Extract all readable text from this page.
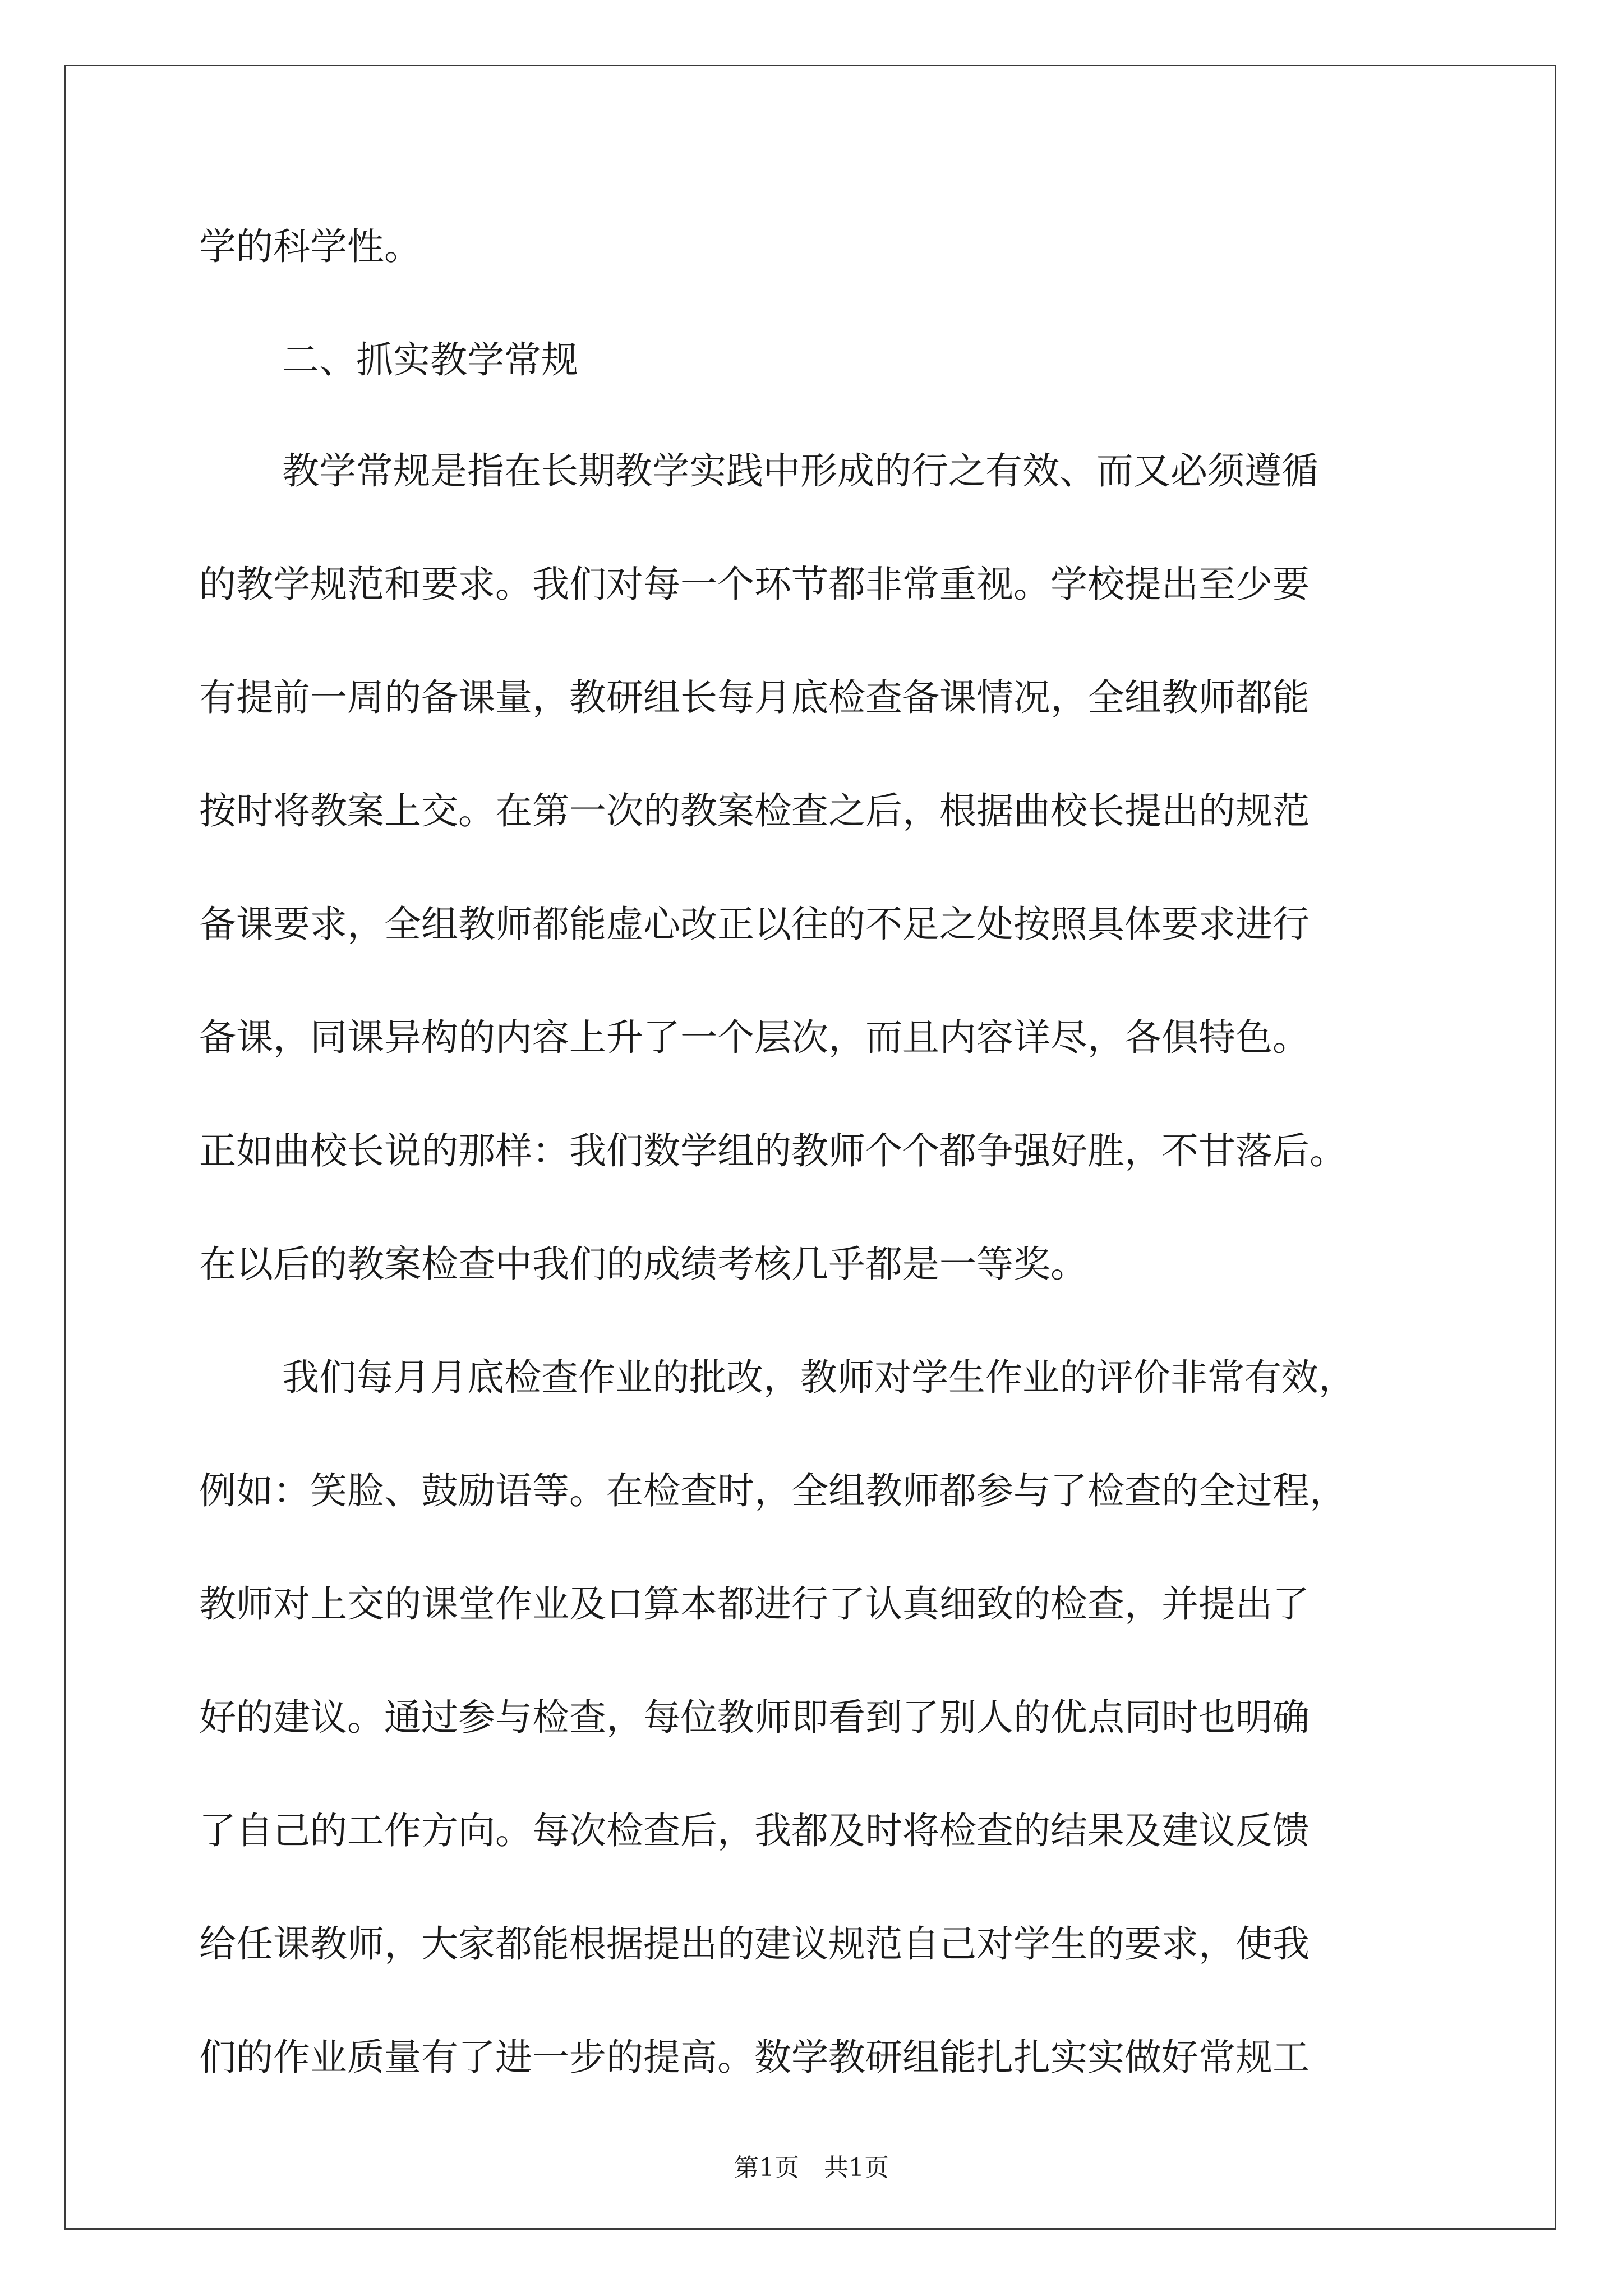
学的科学性。

二、抓实教学常规

教学常规是指在长期教学实践中形成的行之有效、而又必须遵循

的教学规范和要求。我们对每一个环节都非常重视。学校提出至少要

有提前一周的备课量，教研组长每月底检查备课情况，全组教师都能

按时将教案上交。在第一次的教案检查之后，根据曲校长提出的规范

备课要求，全组教师都能虚心改正以往的不足之处按照具体要求进行

备课，同课异构的内容上升了一个层次，而且内容详尽，各俱特色。

正如曲校长说的那样：我们数学组的教师个个都争强好胜，不甘落后。

在以后的教案检查中我们的成绩考核几乎都是一等奖。

我们每月月底检查作业的批改，教师对学生作业的评价非常有效，

例如：笑脸、鼓励语等。在检查时，全组教师都参与了检查的全过程，

教师对上交的课堂作业及口算本都进行了认真细致的检查，并提出了

好的建议。通过参与检查，每位教师即看到了别人的优点同时也明确

了自己的工作方向。每次检查后，我都及时将检查的结果及建议反馈

给任课教师，大家都能根据提出的建议规范自己对学生的要求，使我

们的作业质量有了进一步的提高。数学教研组能扎扎实实做好常规工

第1页　共1页
